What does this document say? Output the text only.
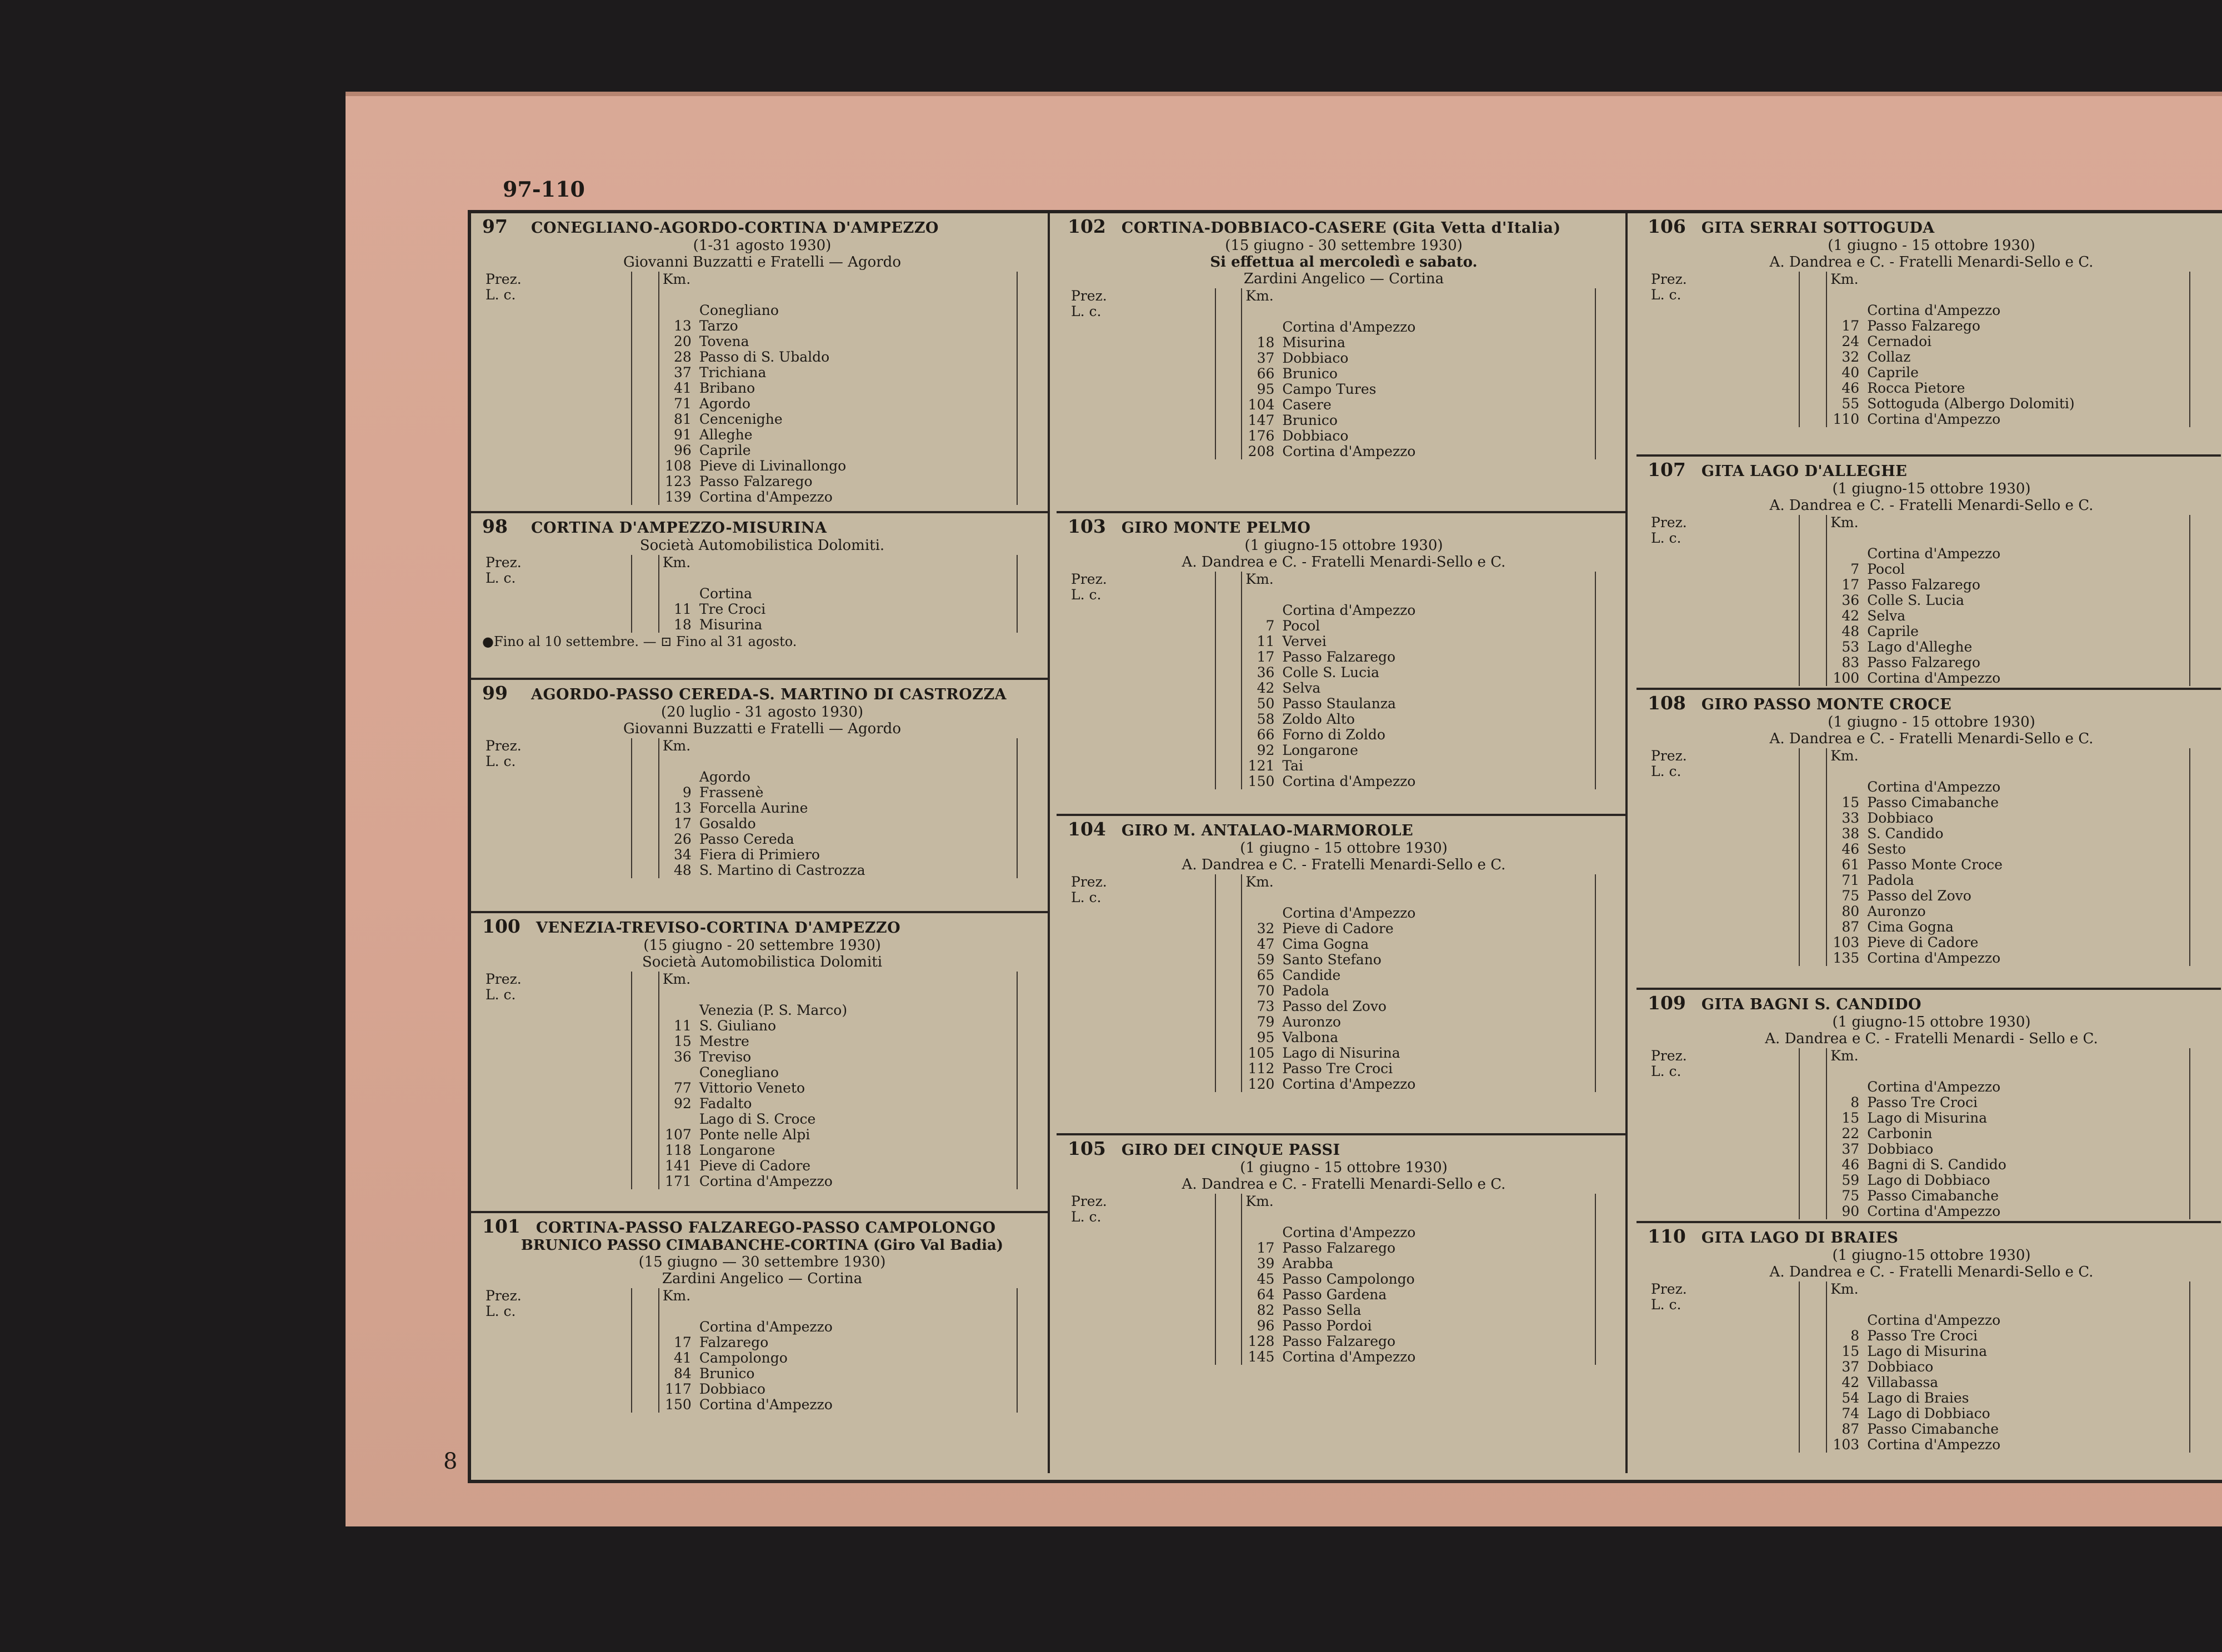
97-110
8
97	CONEGLIANO-AGORDO-CORTINA D'AMPEZZO
(1-31 agosto 1930)
Giovanni Buzzatti e Fratelli — Agordo
Prez.
L. c.		Km.	
		Conegliano	
		13 Tarzo	
		20 Tovena	
		28 Passo di S. Ubaldo	
		37 Trichiana	
		41 Bribano	
		71 Agordo	
		81 Cencenighe	
		91 Alleghe	
		96 Caprile	
		108 Pieve di Livinallongo	
		123 Passo Falzarego	
		139 Cortina d'Ampezzo	
98	CORTINA D'AMPEZZO-MISURINA
Società Automobilistica Dolomiti.
Prez.
L. c.		Km.	
		Cortina	
		11 Tre Croci	
		18 Misurina	
●Fino al 10 settembre. — ⊡ Fino al 31 agosto.
99	AGORDO-PASSO CEREDA-S. MARTINO DI CASTROZZA
(20 luglio - 31 agosto 1930)
Giovanni Buzzatti e Fratelli — Agordo
Prez.
L. c.		Km.	
		Agordo	
		9 Frassenè	
		13 Forcella Aurine	
		17 Gosaldo	
		26 Passo Cereda	
		34 Fiera di Primiero	
		48 S. Martino di Castrozza	
100 VENEZIA-TREVISO-CORTINA D'AMPEZZO
(15 giugno - 20 settembre 1930)
Società Automobilistica Dolomiti
Prez.
L. c.		Km.	
		Venezia (P. S. Marco)	
		11 S. Giuliano	
		15 Mestre	
		36 Treviso	
		Conegliano	
		77 Vittorio Veneto	
		92 Fadalto	
		Lago di S. Croce	
		107 Ponte nelle Alpi	
		118 Longarone	
		141 Pieve di Cadore	
		171 Cortina d'Ampezzo	
101 CORTINA-PASSO FALZAREGO-PASSO CAMPOLONGO
BRUNICO PASSO CIMABANCHE-CORTINA (Giro Val Badia)
(15 giugno — 30 settembre 1930)
Zardini Angelico — Cortina
Prez.
L. c.		Km.	
		Cortina d'Ampezzo	
		17 Falzarego	
		41 Campolongo	
		84 Brunico	
		117 Dobbiaco	
		150 Cortina d'Ampezzo	
102 CORTINA-DOBBIACO-CASERE (Gita Vetta d'Italia)
(15 giugno - 30 settembre 1930)
Si effettua al mercoledì e sabato.
Zardini Angelico — Cortina
Prez.
L. c.		Km.	
		Cortina d'Ampezzo	
		18 Misurina	
		37 Dobbiaco	
		66 Brunico	
		95 Campo Tures	
		104 Casere	
		147 Brunico	
		176 Dobbiaco	
		208 Cortina d'Ampezzo	
103 GIRO MONTE PELMO
(1 giugno-15 ottobre 1930)
A. Dandrea e C. - Fratelli Menardi-Sello e C.
Prez.
L. c.		Km.	
		Cortina d'Ampezzo	
		7 Pocol	
		11 Vervei	
		17 Passo Falzarego	
		36 Colle S. Lucia	
		42 Selva	
		50 Passo Staulanza	
		58 Zoldo Alto	
		66 Forno di Zoldo	
		92 Longarone	
		121 Tai	
		150 Cortina d'Ampezzo	
104 GIRO M. ANTALAO-MARMOROLE
(1 giugno - 15 ottobre 1930)
A. Dandrea e C. - Fratelli Menardi-Sello e C.
Prez.
L. c.		Km.	
		Cortina d'Ampezzo	
		32 Pieve di Cadore	
		47 Cima Gogna	
		59 Santo Stefano	
		65 Candide	
		70 Padola	
		73 Passo del Zovo	
		79 Auronzo	
		95 Valbona	
		105 Lago di Nisurina	
		112 Passo Tre Croci	
		120 Cortina d'Ampezzo	
105 GIRO DEI CINQUE PASSI
(1 giugno - 15 ottobre 1930)
A. Dandrea e C. - Fratelli Menardi-Sello e C.
Prez.
L. c.		Km.	
		Cortina d'Ampezzo	
		17 Passo Falzarego	
		39 Arabba	
		45 Passo Campolongo	
		64 Passo Gardena	
		82 Passo Sella	
		96 Passo Pordoi	
		128 Passo Falzarego	
		145 Cortina d'Ampezzo	
106 GITA SERRAI SOTTOGUDA
(1 giugno - 15 ottobre 1930)
A. Dandrea e C. - Fratelli Menardi-Sello e C.
Prez.
L. c.		Km.	
		Cortina d'Ampezzo	
		17 Passo Falzarego	
		24 Cernadoi	
		32 Collaz	
		40 Caprile	
		46 Rocca Pietore	
		55 Sottoguda (Albergo Dolomiti)	
		110 Cortina d'Ampezzo	
107 GITA LAGO D'ALLEGHE
(1 giugno-15 ottobre 1930)
A. Dandrea e C. - Fratelli Menardi-Sello e C.
Prez.
L. c.		Km.	
		Cortina d'Ampezzo	
		7 Pocol	
		17 Passo Falzarego	
		36 Colle S. Lucia	
		42 Selva	
		48 Caprile	
		53 Lago d'Alleghe	
		83 Passo Falzarego	
		100 Cortina d'Ampezzo	
108 GIRO PASSO MONTE CROCE
(1 giugno - 15 ottobre 1930)
A. Dandrea e C. - Fratelli Menardi-Sello e C.
Prez.
L. c.		Km.	
		Cortina d'Ampezzo	
		15 Passo Cimabanche	
		33 Dobbiaco	
		38 S. Candido	
		46 Sesto	
		61 Passo Monte Croce	
		71 Padola	
		75 Passo del Zovo	
		80 Auronzo	
		87 Cima Gogna	
		103 Pieve di Cadore	
		135 Cortina d'Ampezzo	
109 GITA BAGNI S. CANDIDO
(1 giugno-15 ottobre 1930)
A. Dandrea e C. - Fratelli Menardi - Sello e C.
Prez.
L. c.		Km.	
		Cortina d'Ampezzo	
		8 Passo Tre Croci	
		15 Lago di Misurina	
		22 Carbonin	
		37 Dobbiaco	
		46 Bagni di S. Candido	
		59 Lago di Dobbiaco	
		75 Passo Cimabanche	
		90 Cortina d'Ampezzo	
110 GITA LAGO DI BRAIES
(1 giugno-15 ottobre 1930)
A. Dandrea e C. - Fratelli Menardi-Sello e C.
Prez.
L. c.		Km.	
		Cortina d'Ampezzo	
		8 Passo Tre Croci	
		15 Lago di Misurina	
		37 Dobbiaco	
		42 Villabassa	
		54 Lago di Braies	
		74 Lago di Dobbiaco	
		87 Passo Cimabanche	
		103 Cortina d'Ampezzo	
